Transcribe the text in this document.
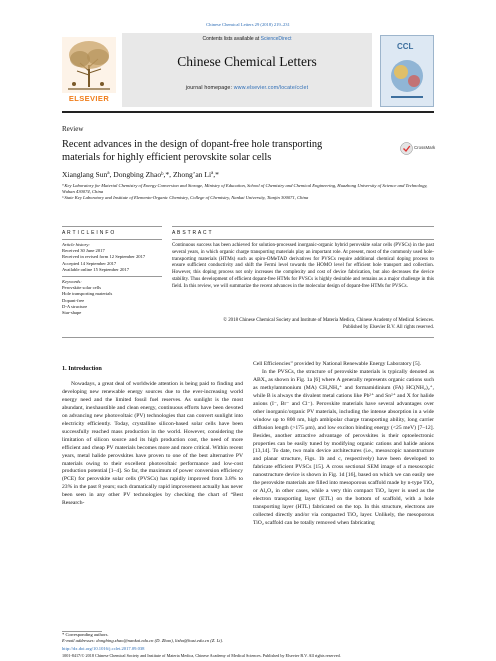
Chinese Chemical Letters 29 (2018) 219–231
ELSEVIER
Contents lists available at ScienceDirect
Chinese Chemical Letters
journal homepage: www.elsevier.com/locate/cclet
CCL
Review
Recent advances in the design of dopant-free hole transporting
materials for highly efficient perovskite solar cells
CrossMark
Xianglang Sunª, Dongbing Zhaoᵇ,*, Zhong’an Liª,*
ª Key Laboratory for Material Chemistry of Energy Conversion and Storage, Ministry of Education, School of Chemistry and Chemical Engineering, Huazhong University of Science and Technology, Wuhan 430074, China
ᵇ State Key Laboratory and Institute of Elemento-Organic Chemistry, College of Chemistry, Nankai University, Tianjin 300071, China
A R T I C L E I N F O	A B S T R A C T
Article history:
Received 30 June 2017
Received in revised form 12 September 2017
Accepted 14 September 2017
Available online 15 September 2017
Keywords:
Perovskite solar cells
Hole transporting materials
Dopant-free
D-A structure
Star-shape
Continuous success has been achieved for solution-processed inorganic-organic hybrid perovskite solar cells (PVSCs) in the past several years, in which organic charge transporting materials play an important role. At present, most of the commonly used hole-transporting materials (HTMs) such as spiro-OMeTAD derivatives for PVSCs require additional chemical doping process to ensure sufficient conductivity and shift the Fermi level towards the HOMO level for efficient hole transport and collection. However, this doping process not only increases the complexity and cost of device fabrication, but also decreases the device stability. Thus development of efficient dopant-free HTMs for PVSCs is highly desirable and remains as a major challenge in this field. In this review, we will summarize the recent advances in the molecular design of dopant-free HTMs for PVSCs.
© 2018 Chinese Chemical Society and Institute of Materia Medica, Chinese Academy of Medical Sciences.
Published by Elsevier B.V. All rights reserved.
1. Introduction

Nowadays, a great deal of worldwide attention is being paid to finding and developing new renewable energy sources due to the ever-increasing world energy need and the limited fossil fuel reserves. As sunlight is the most abundant, inexhaustible and clean energy, continuous efforts have been devoted on advancing new photovoltaic (PV) technologies that can convert sunlight into electricity efficiently. Today, crystalline silicon-based solar cells have been successfully reached mass production in the world. However, considering the limitation of silicon source and its high production cost, the need of more efficient and cheap PV materials becomes more and more critical. Within recent years, metal halide perovskites have proven to one of the best alternative PV materials owing to their excellent photovoltaic performance and low-cost production potential [1–4]. So far, the maximum of power conversion efficiency (PCE) for perovskite solar cells (PVSCs) has rapidly improved from 3.8% to 23% in the past 8 years; such dramatically rapid improvement actually has never been seen in any other PV technologies by checking the chart of “Best Research-

Cell Efficiencies” provided by National Renewable Energy Laboratory [5].

In the PVSCs, the structure of perovskite materials is typically denoted as ABX₃ as shown in Fig. 1a [6] where A generally represents organic cations such as methylammonium (MA) CH₃NH₃⁺ and formamidinium (FA) HC(NH₂)₂⁺, while B is always the divalent metal cations like Pb²⁺ and Sn²⁺ and X for halide anions (I⁻, Br⁻ and Cl⁻). Perovskite materials have several advantages over other inorganic/organic PV materials, including the intense absorption in a wide window up to 800 nm, high ambipolar charge transporting ability, long carrier diffusion length (>175 μm), and low exciton binding energy (<25 meV) [7–12]. Besides, another attractive advantage of perovskites is their optoelectronic properties can be easily tuned by modifying organic cations and halide anions [13,14]. To date, two main device architectures (i.e., mesoscopic nanostructure and planar structure, Figs. 1b and c, respectively) have been developed to fabricate efficient PVSCs [15]. A cross sectional SEM image of a mesoscopic nanostructure device is shown in Fig. 1d [16], based on which we can easily see the perovskite materials are filled into mesoporous scaffold made by n-type TiO₂ or Al₂O₃ in other cases, while a very thin compact TiO₂ layer is used as the electron transporting layer (ETL) on the bottom of scaffold, with a hole transporting layer (HTL) fabricated on the top. In this structure, electrons are collected directly and/or via compacted TiO₂ layer. Unlikely, the mesoporous TiO₂ scaffold can be totally removed when fabricating

* Corresponding authors.
E-mail addresses: dongbing.zhao@nankai.edu.cn (D. Zhao), lizha@hust.edu.cn (Z. Li).
http://dx.doi.org/10.1016/j.cclet.2017.09.038
1001-8417/© 2018 Chinese Chemical Society and Institute of Materia Medica, Chinese Academy of Medical Sciences. Published by Elsevier B.V. All rights reserved.
